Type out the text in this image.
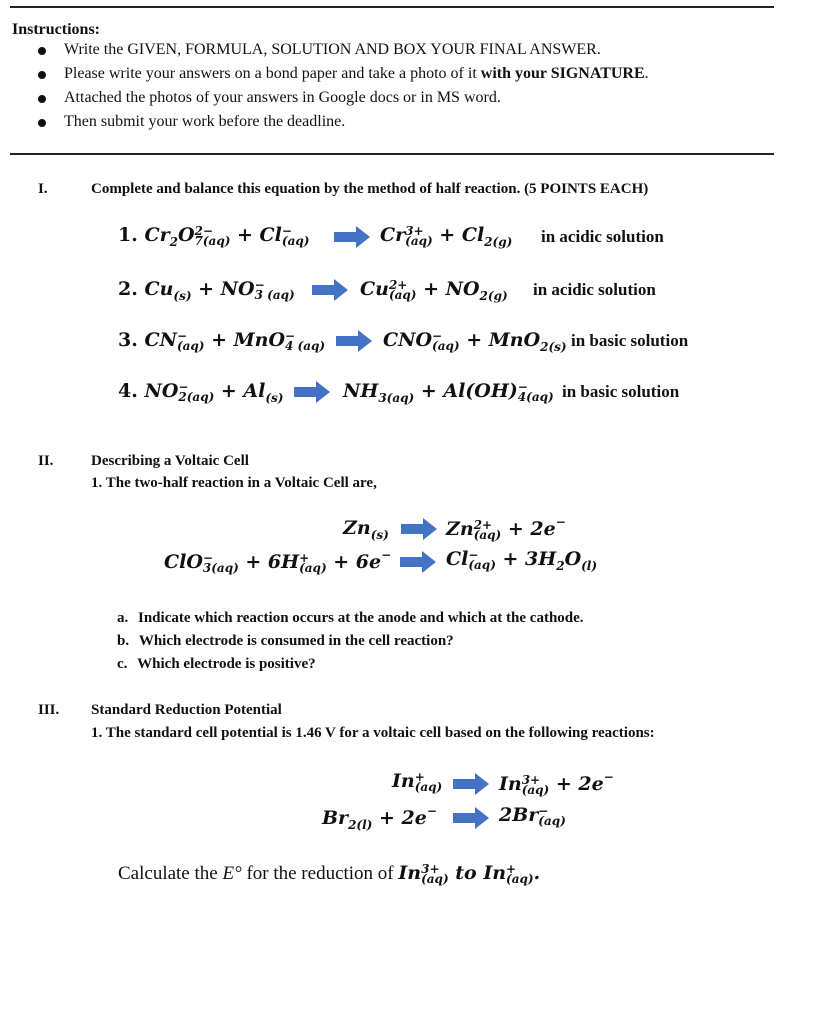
Instructions:
Write the GIVEN, FORMULA, SOLUTION AND BOX YOUR FINAL ANSWER.
Please write your answers on a bond paper and take a photo of it with your SIGNATURE.
Attached the photos of your answers in Google docs or in MS word.
Then submit your work before the deadline.
I.	Complete and balance this equation by the method of half reaction. (5 POINTS EACH)
1. $Cr_2O$ 2−
7(aq) + Cl −
(aq)	Cr 3+
$(aq) + Cl_{2(g)}$ in acidic solution
2. $Cu_{(s)}$ + NO −
3 (aq)	Cu 2+
$(aq) + NO_{2(g)}$ in acidic solution
3. CN −
(aq) + MnO −
4 (aq)	CNO −
(aq) + MnO$_{2(s)}$ in basic solution
4. NO −
$2(aq) + Al_{(s)}$	$NH_{3(aq)} + Al(OH)$ −
4(aq) in basic solution
II.	Describing a Voltaic Cell
1. The two-half reaction in a Voltaic Cell are,
$Zn_{(s)}$	Zn 2+
(aq) + 2e−
ClO −
3(aq) + 6H +
(aq) + 6e−	Cl −
$(aq) + 3H_2O_{(l)}$
a. Indicate which reaction occurs at the anode and which at the cathode.
b. Which electrode is consumed in the cell reaction?
c. Which electrode is positive?
III. Standard Reduction Potential
1. The standard cell potential is 1.46 V for a voltaic cell based on the following reactions:
In +
(aq)	In 3+
(aq) + 2e−
$Br_{2(l)} + 2e^-$	2Br −
(aq)
Calculate the E° for the reduction of In 3+
(aq) to In +
(aq) .
